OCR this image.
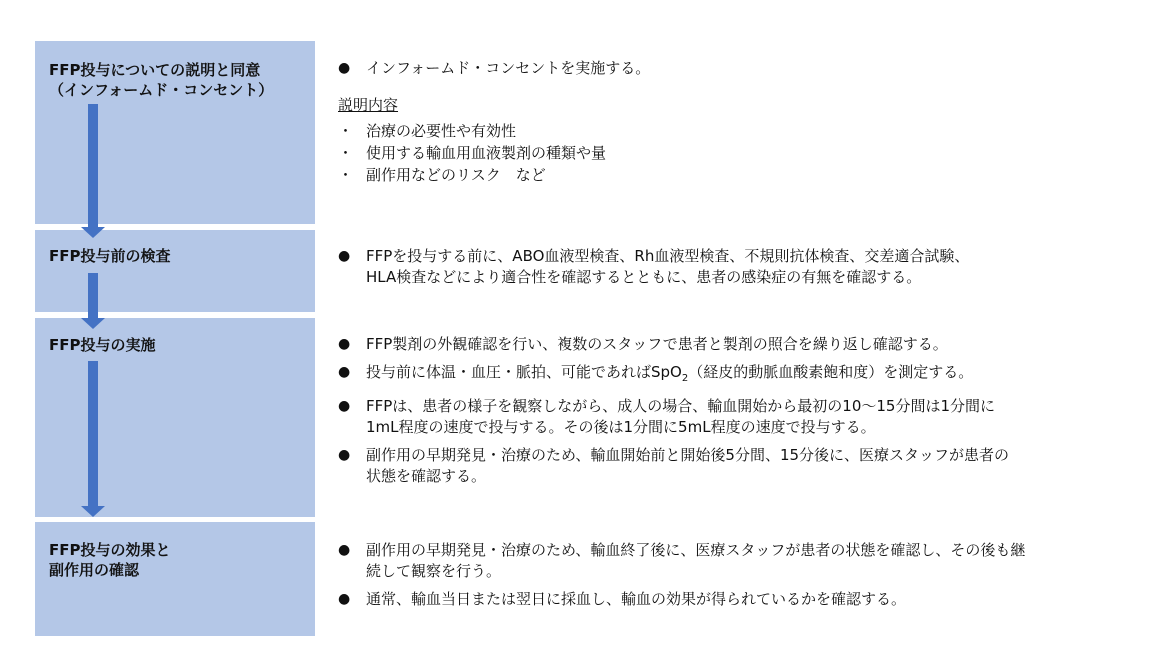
FFP投与についての説明と同意
（インフォームド・コンセント）
FFP投与前の検査
FFP投与の実施
FFP投与の効果と
副作用の確認
● インフォームド・コンセントを実施する。
説明内容
・ 治療の必要性や有効性
・ 使用する輸血用血液製剤の種類や量
・ 副作用などのリスク　など
● FFPを投与する前に、ABO血液型検査、Rh血液型検査、不規則抗体検査、交差適合試験、
HLA検査などにより適合性を確認するとともに、患者の感染症の有無を確認する。
● FFP製剤の外観確認を行い、複数のスタッフで患者と製剤の照合を繰り返し確認する。
● 投与前に体温・血圧・脈拍、可能であればSpO$_2$（経皮的動脈血酸素飽和度）を測定する。
● FFPは、患者の様子を観察しながら、成人の場合、輸血開始から最初の10～15分間は1分間に
1mL程度の速度で投与する。その後は1分間に5mL程度の速度で投与する。
● 副作用の早期発見・治療のため、輸血開始前と開始後5分間、15分後に、医療スタッフが患者の
状態を確認する。
● 副作用の早期発見・治療のため、輸血終了後に、医療スタッフが患者の状態を確認し、その後も継
続して観察を行う。
● 通常、輸血当日または翌日に採血し、輸血の効果が得られているかを確認する。
